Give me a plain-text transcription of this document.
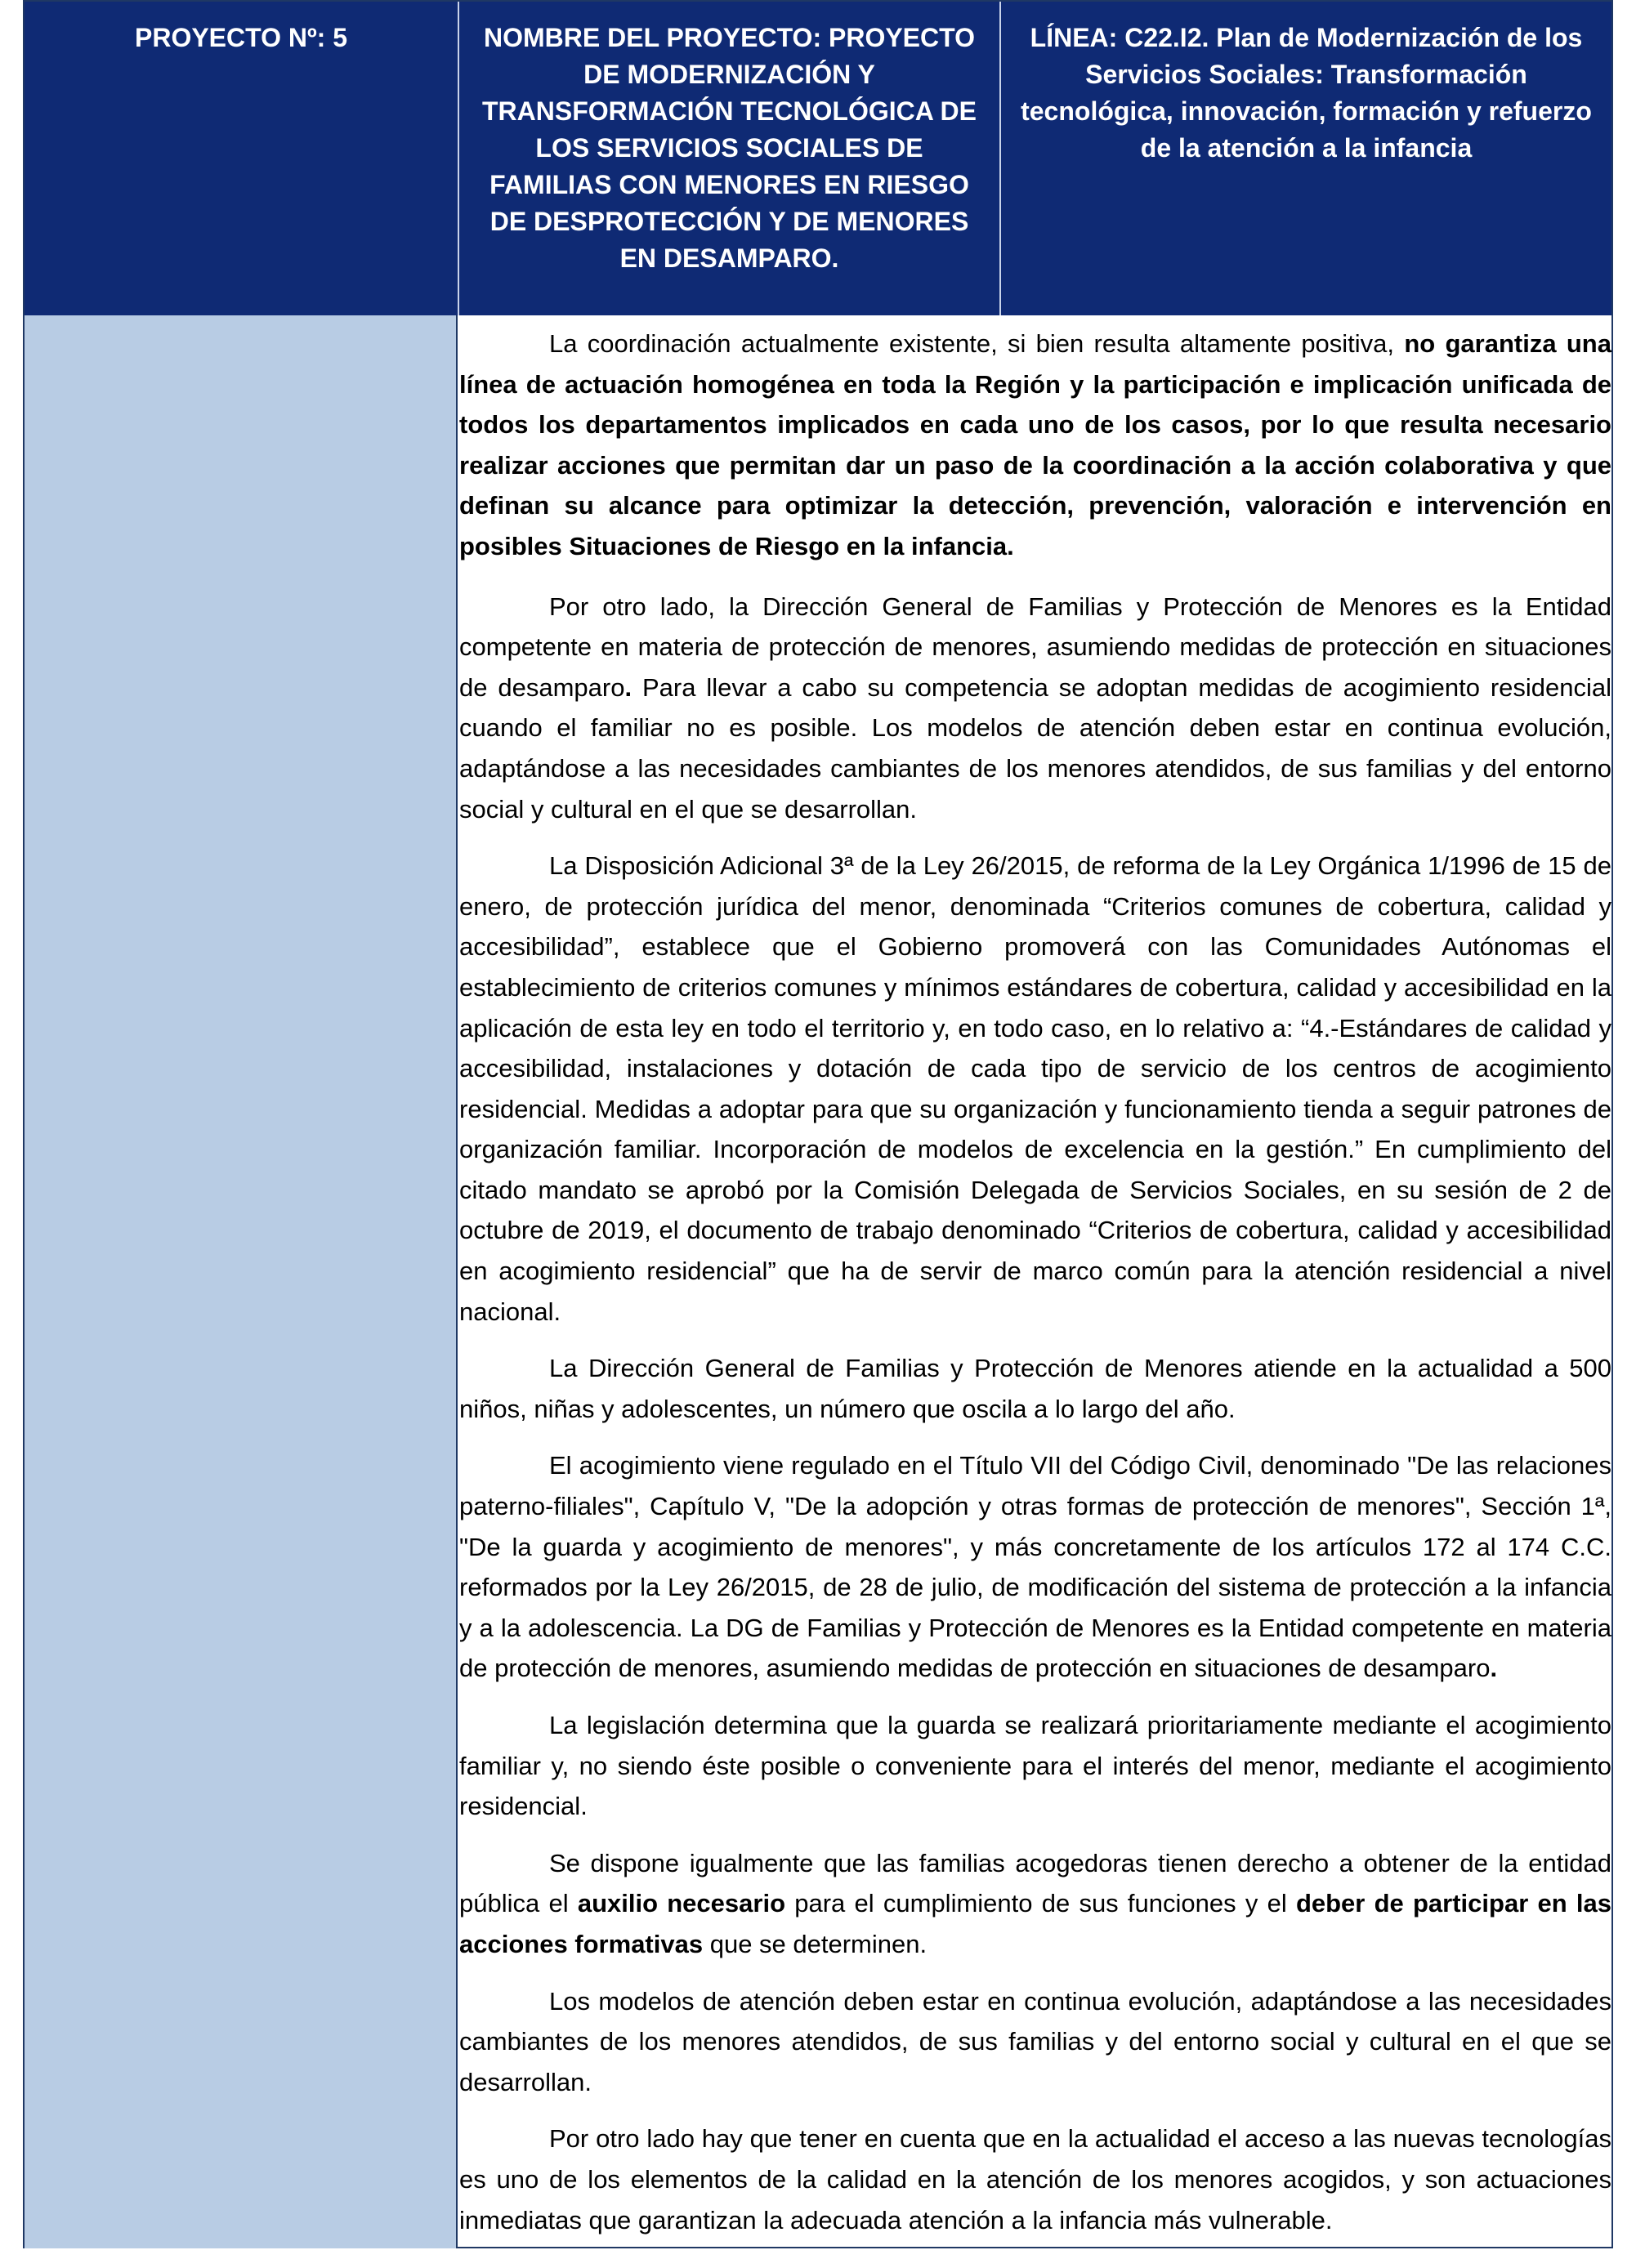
PROYECTO Nº: 5	NOMBRE DEL PROYECTO: PROYECTO DE MODERNIZACIÓN Y TRANSFORMACIÓN TECNOLÓGICA DE LOS SERVICIOS SOCIALES DE FAMILIAS CON MENORES EN RIESGO DE DESPROTECCIÓN Y DE MENORES EN DESAMPARO.
LÍNEA: C22.I2. Plan de Modernización de los Servicios Sociales: Transformación tecnológica, innovación, formación y refuerzo de la atención a la infancia

La coordinación actualmente existente, si bien resulta altamente positiva, no garantiza una línea de actuación homogénea en toda la Región y la participación e implicación unificada de todos los departamentos implicados en cada uno de los casos, por lo que resulta necesario realizar acciones que permitan dar un paso de la coordinación a la acción colaborativa y que definan su alcance para optimizar la detección, prevención, valoración e intervención en posibles Situaciones de Riesgo en la infancia.

Por otro lado, la Dirección General de Familias y Protección de Menores es la Entidad competente en materia de protección de menores, asumiendo medidas de protección en situaciones de desamparo. Para llevar a cabo su competencia se adoptan medidas de acogimiento residencial cuando el familiar no es posible. Los modelos de atención deben estar en continua evolución, adaptándose a las necesidades cambiantes de los menores atendidos, de sus familias y del entorno social y cultural en el que se desarrollan.

La Disposición Adicional 3ª de la Ley 26/2015, de reforma de la Ley Orgánica 1/1996 de 15 de enero, de protección jurídica del menor, denominada “Criterios comunes de cobertura, calidad y accesibilidad”, establece que el Gobierno promoverá con las Comunidades Autónomas el establecimiento de criterios comunes y mínimos estándares de cobertura, calidad y accesibilidad en la aplicación de esta ley en todo el territorio y, en todo caso, en lo relativo a: “4.-Estándares de calidad y accesibilidad, instalaciones y dotación de cada tipo de servicio de los centros de acogimiento residencial. Medidas a adoptar para que su organización y funcionamiento tienda a seguir patrones de organización familiar. Incorporación de modelos de excelencia en la gestión.” En cumplimiento del citado mandato se aprobó por la Comisión Delegada de Servicios Sociales, en su sesión de 2 de octubre de 2019, el documento de trabajo denominado “Criterios de cobertura, calidad y accesibilidad en acogimiento residencial” que ha de servir de marco común para la atención residencial a nivel nacional.

La Dirección General de Familias y Protección de Menores atiende en la actualidad a 500 niños, niñas y adolescentes, un número que oscila a lo largo del año.

El acogimiento viene regulado en el Título VII del Código Civil, denominado "De las relaciones paterno-filiales", Capítulo V, "De la adopción y otras formas de protección de menores", Sección 1ª, "De la guarda y acogimiento de menores", y más concretamente de los artículos 172 al 174 C.C. reformados por la Ley 26/2015, de 28 de julio, de modificación del sistema de protección a la infancia y a la adolescencia. La DG de Familias y Protección de Menores es la Entidad competente en materia de protección de menores, asumiendo medidas de protección en situaciones de desamparo.

La legislación determina que la guarda se realizará prioritariamente mediante el acogimiento familiar y, no siendo éste posible o conveniente para el interés del menor, mediante el acogimiento residencial.

Se dispone igualmente que las familias acogedoras tienen derecho a obtener de la entidad pública el auxilio necesario para el cumplimiento de sus funciones y el deber de participar en las acciones formativas que se determinen.

Los modelos de atención deben estar en continua evolución, adaptándose a las necesidades cambiantes de los menores atendidos, de sus familias y del entorno social y cultural en el que se desarrollan.

Por otro lado hay que tener en cuenta que en la actualidad el acceso a las nuevas tecnologías es uno de los elementos de la calidad en la atención de los menores acogidos, y son actuaciones inmediatas que garantizan la adecuada atención a la infancia más vulnerable.
